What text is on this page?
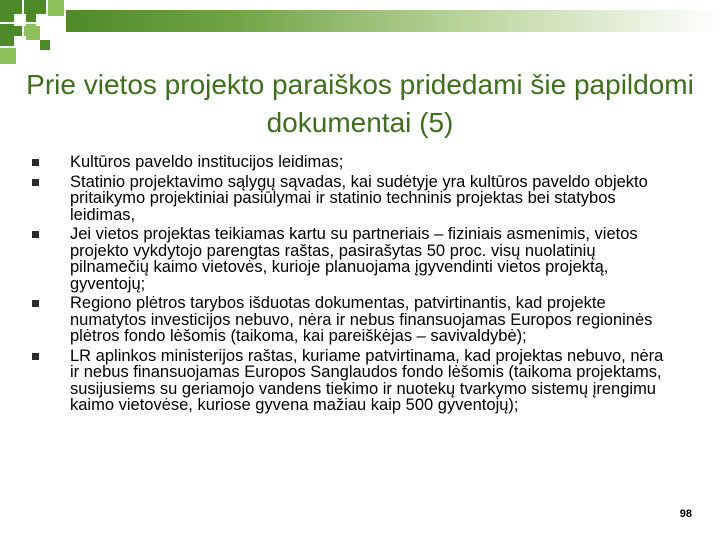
Prie vietos projekto paraiškos pridedami šie papildomi dokumentai (5)
Kultūros paveldo institucijos leidimas;
Statinio projektavimo sąlygų sąvadas, kai sudėtyje yra kultūros paveldo objekto pritaikymo projektiniai pasiūlymai ir statinio techninis projektas bei statybos leidimas,
Jei vietos projektas teikiamas kartu su partneriais – fiziniais asmenimis, vietos projekto vykdytojo parengtas raštas, pasirašytas 50 proc. visų nuolatinių pilnamečių kaimo vietovės, kurioje planuojama įgyvendinti vietos projektą, gyventojų;
Regiono plėtros tarybos išduotas dokumentas, patvirtinantis, kad projekte numatytos investicijos nebuvo, nėra ir nebus finansuojamas Europos regioninės plėtros fondo lėšomis (taikoma, kai pareiškėjas – savivaldybė);
LR aplinkos ministerijos raštas, kuriame patvirtinama, kad projektas nebuvo, nėra ir nebus finansuojamas Europos Sanglaudos fondo lėšomis (taikoma projektams, susijusiems su geriamojo vandens tiekimo ir nuotekų tvarkymo sistemų įrengimu kaimo vietovėse, kuriose gyvena mažiau kaip 500 gyventojų);
98
